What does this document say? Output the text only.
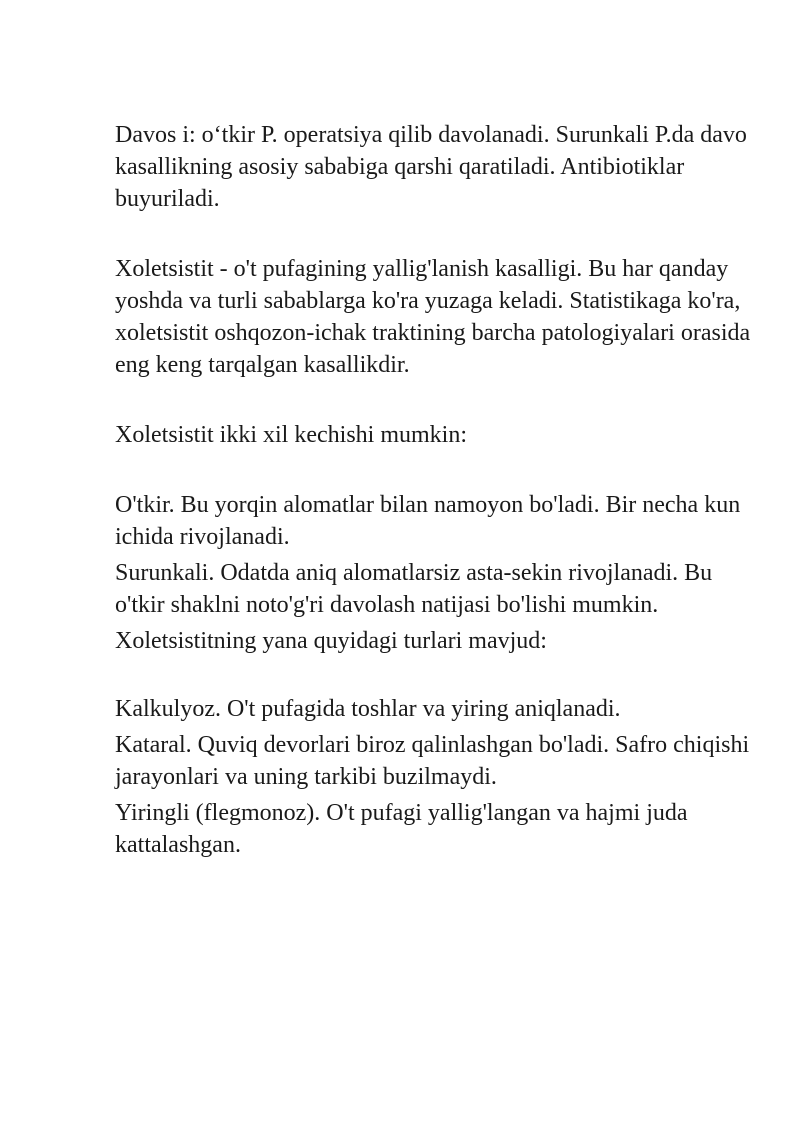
Davos i: o‘tkir P. operatsiya qilib davolanadi. Surunkali P.da davo kasallikning asosiy sababiga qarshi qaratiladi. Antibiotiklar buyuriladi.

Xoletsistit - o't pufagining yallig'lanish kasalligi. Bu har qanday yoshda va turli sabablarga ko'ra yuzaga keladi. Statistikaga ko'ra, xoletsistit oshqozon-ichak traktining barcha patologiyalari orasida eng keng tarqalgan kasallikdir.

Xoletsistit ikki xil kechishi mumkin:

O'tkir. Bu yorqin alomatlar bilan namoyon bo'ladi. Bir necha kun ichida rivojlanadi.

Surunkali. Odatda aniq alomatlarsiz asta-sekin rivojlanadi. Bu o'tkir shaklni noto'g'ri davolash natijasi bo'lishi mumkin.

Xoletsistitning yana quyidagi turlari mavjud:

Kalkulyoz. O't pufagida toshlar va yiring aniqlanadi.

Kataral. Quviq devorlari biroz qalinlashgan bo'ladi. Safro chiqishi jarayonlari va uning tarkibi buzilmaydi.

Yiringli (flegmonoz). O't pufagi yallig'langan va hajmi juda kattalashgan.
